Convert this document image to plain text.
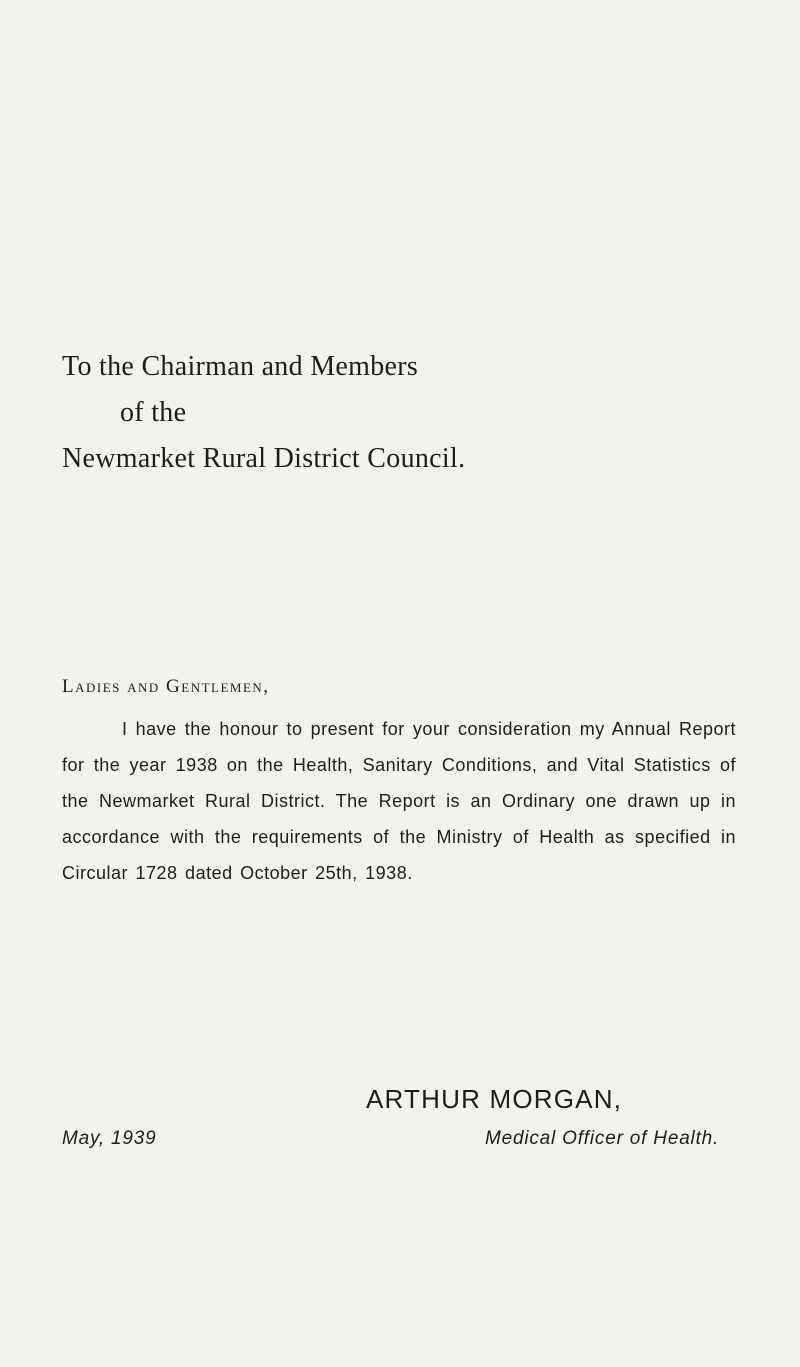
To the Chairman and Members
of the
Newmarket Rural District Council.
Ladies and Gentlemen,

I have the honour to present for your consideration my Annual Report for the year 1938 on the Health, Sanitary Conditions, and Vital Statistics of the Newmarket Rural District. The Report is an Ordinary one drawn up in accordance with the requirements of the Ministry of Health as specified in Circular 1728 dated October 25th, 1938.

ARTHUR MORGAN,
May, 1939	Medical Officer of Health.
